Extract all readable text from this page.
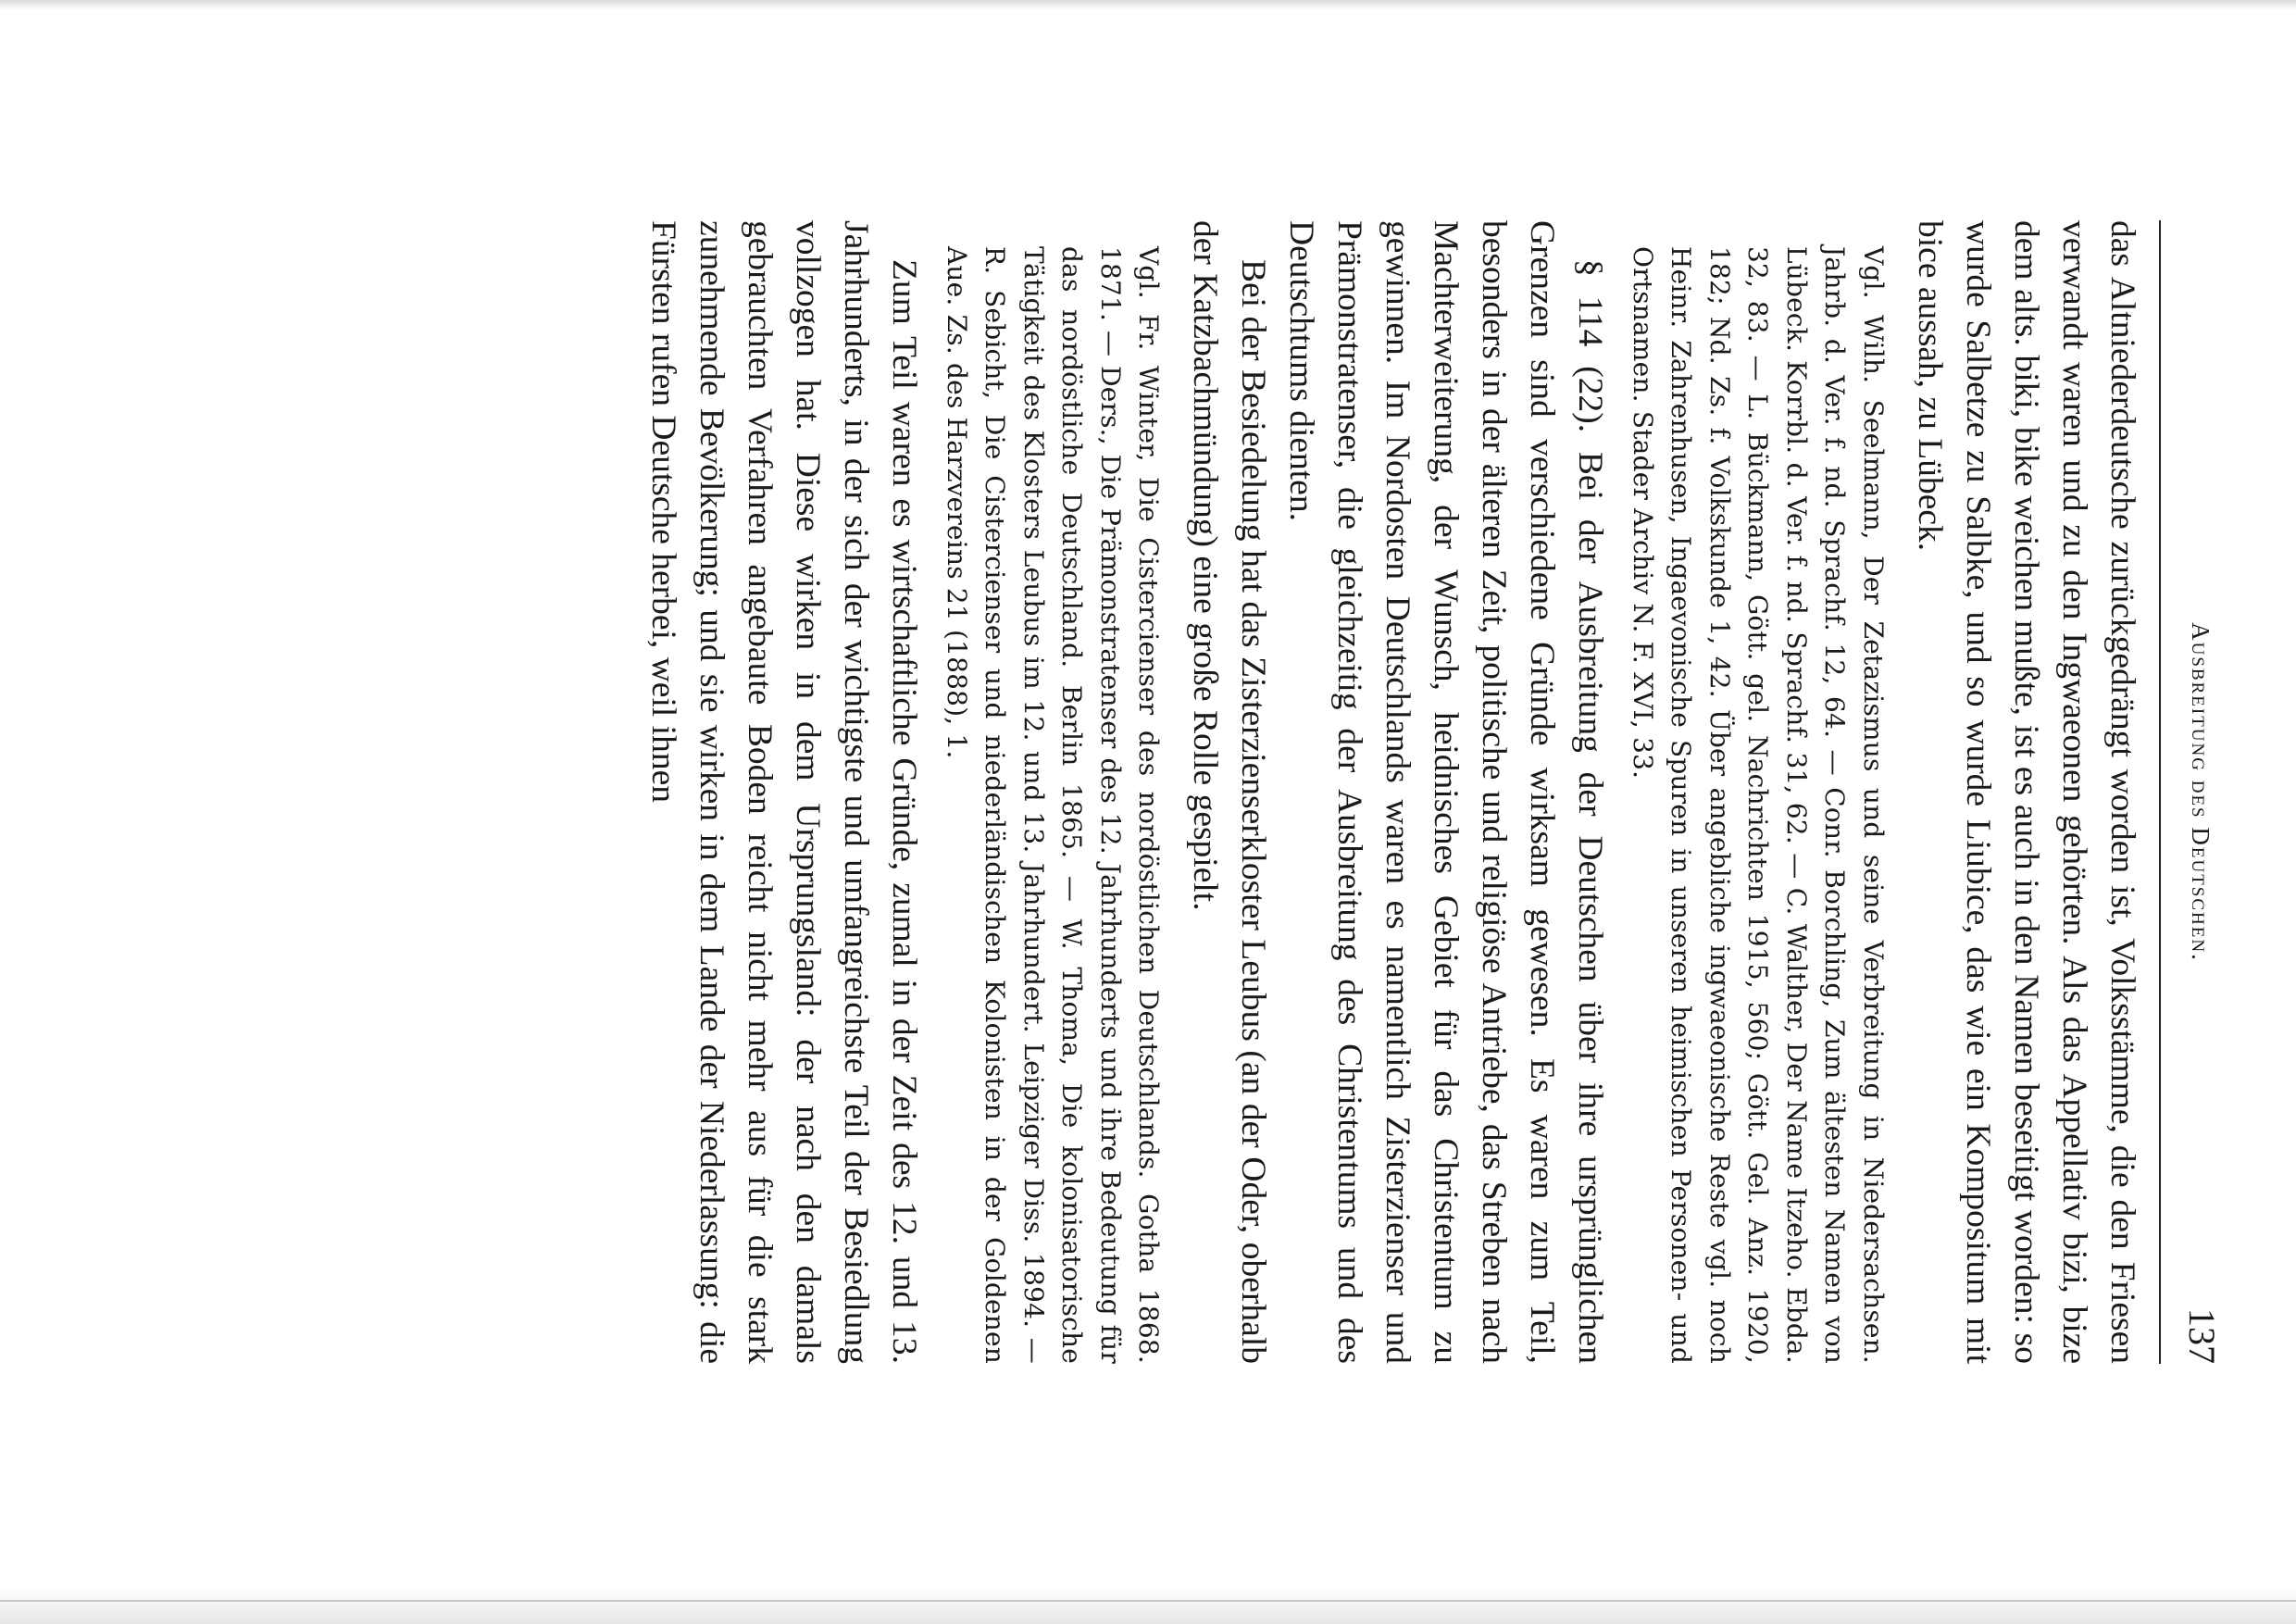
Ausbreitung des Deutschen.
137

das Altniederdeutsche zurückgedrängt worden ist, Volksstämme, die den Friesen verwandt waren und zu den Ingwaeonen gehörten. Als das Appellativ bizi, bize dem alts. biki, bike weichen mußte, ist es auch in den Namen beseitigt worden: so wurde Salbetze zu Salbke, und so wurde Liubice, das wie ein Kompositum mit bice aussah, zu Lübeck.

Vgl. Wilh. Seelmann, Der Zetazismus und seine Verbreitung in Niedersachsen. Jahrb. d. Ver. f. nd. Sprachf. 12, 64. — Conr. Borchling, Zum ältesten Namen von Lübeck. Korrbl. d. Ver. f. nd. Sprachf. 31, 62. — C. Walther, Der Name Itzeho. Ebda. 32, 83. — L. Bückmann, Gött. gel. Nachrichten 1915, 560; Gött. Gel. Anz. 1920, 182; Nd. Zs. f. Volkskunde 1, 42. Über angebliche ingwaeonische Reste vgl. noch Heinr. Zahrenhusen, Ingaevonische Spuren in unseren heimischen Personen- und Ortsnamen. Stader Archiv N. F. XVI, 33.

§ 114 (22). Bei der Ausbreitung der Deutschen über ihre ursprünglichen Grenzen sind verschiedene Gründe wirksam gewesen. Es waren zum Teil, besonders in der älteren Zeit, politische und religiöse Antriebe, das Streben nach Machterweiterung, der Wunsch, heidnisches Gebiet für das Christentum zu gewinnen. Im Nordosten Deutschlands waren es namentlich Zisterzienser und Prämonstratenser, die gleichzeitig der Ausbreitung des Christentums und des Deutschtums dienten.

Bei der Besiedelung hat das Zisterzienserkloster Leubus (an der Oder, oberhalb der Katzbachmündung) eine große Rolle gespielt.

Vgl. Fr. Winter, Die Cistercienser des nordöstlichen Deutschlands. Gotha 1868. 1871. — Ders., Die Prämonstratenser des 12. Jahrhunderts und ihre Bedeutung für das nordöstliche Deutschland. Berlin 1865. — W. Thoma, Die kolonisatorische Tätigkeit des Klosters Leubus im 12. und 13. Jahrhundert. Leipziger Diss. 1894. — R. Sebicht, Die Cistercienser und niederländischen Kolonisten in der Goldenen Aue. Zs. des Harzvereins 21 (1888), 1.

Zum Teil waren es wirtschaftliche Gründe, zumal in der Zeit des 12. und 13. Jahrhunderts, in der sich der wichtigste und umfangreichste Teil der Besiedlung vollzogen hat. Diese wirken in dem Ursprungsland: der nach den damals gebrauchten Verfahren angebaute Boden reicht nicht mehr aus für die stark zunehmende Bevölkerung; und sie wirken in dem Lande der Niederlassung: die Fürsten rufen Deutsche herbei, weil ihnen
